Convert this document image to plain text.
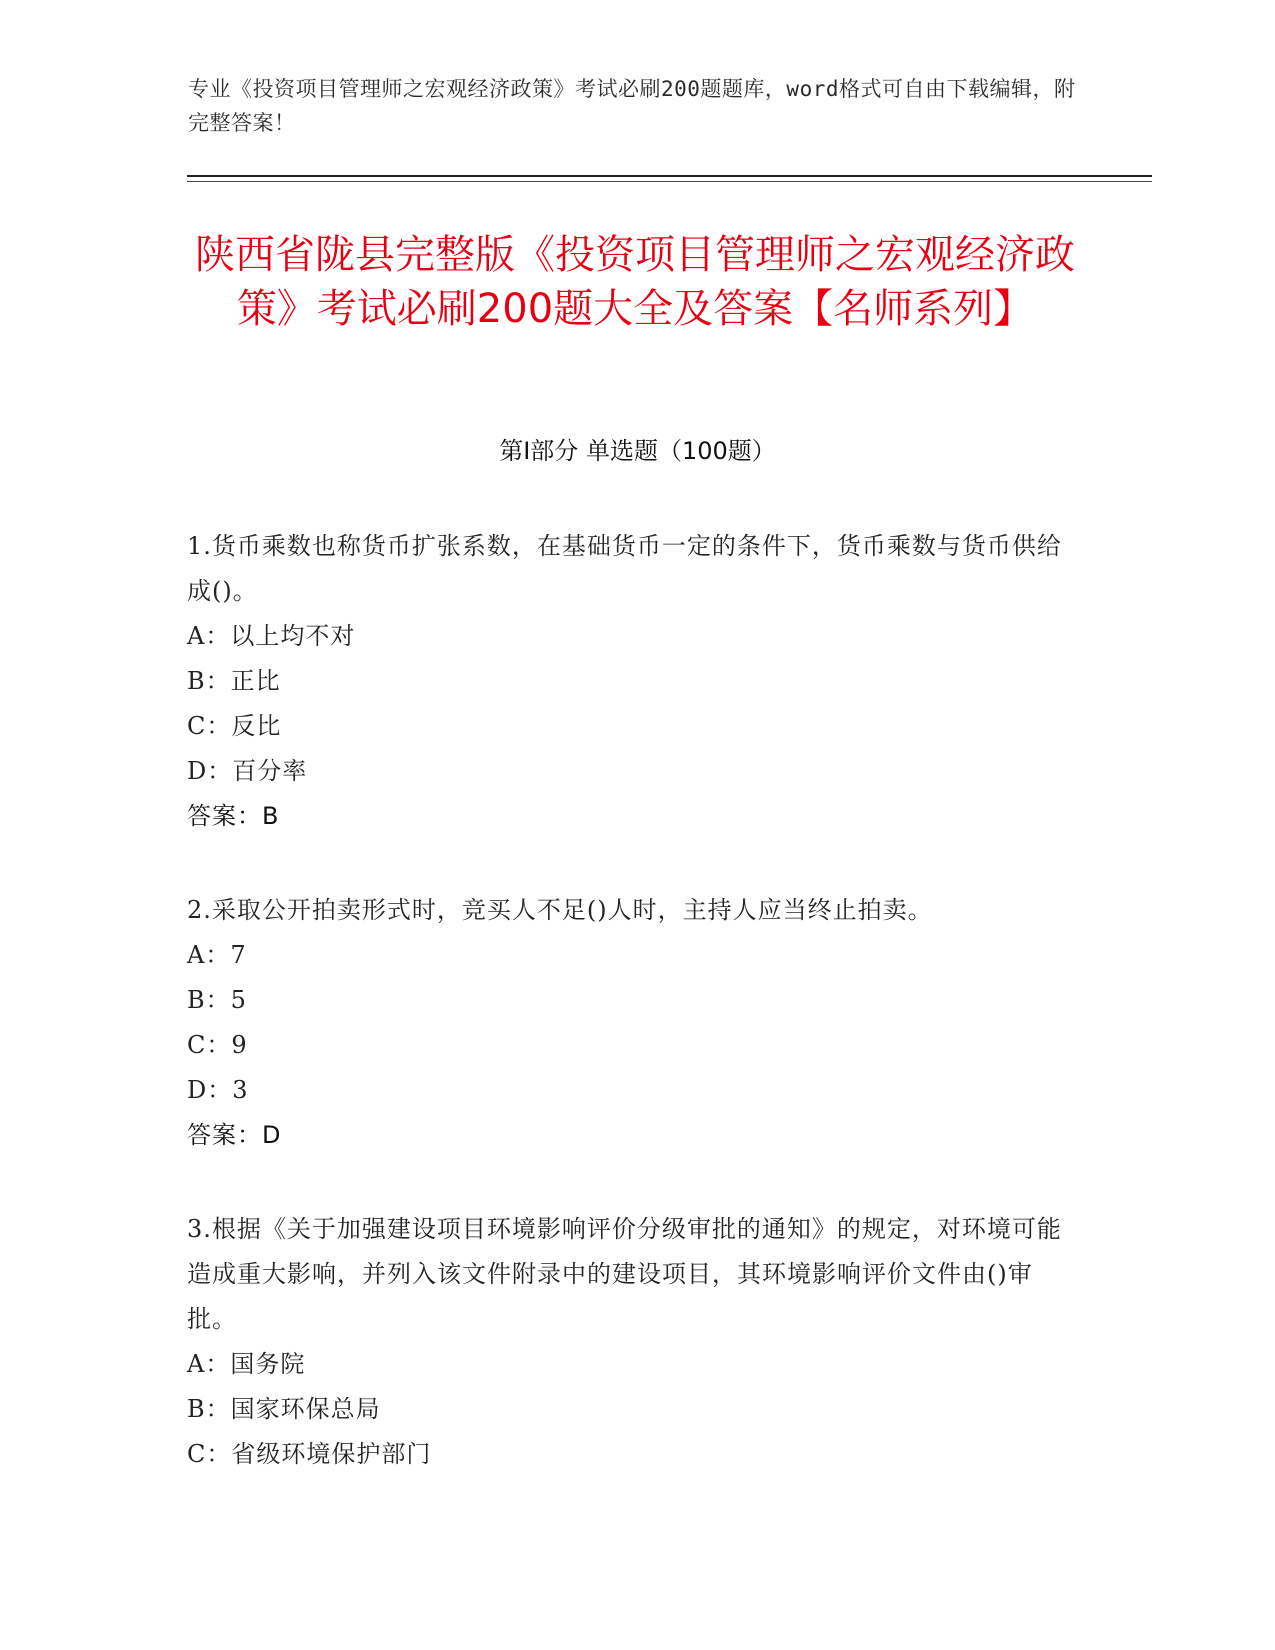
专业《投资项目管理师之宏观经济政策》考试必刷200题题库，word格式可自由下载编辑，附完整答案！
陕西省陇县完整版《投资项目管理师之宏观经济政策》考试必刷200题大全及答案【名师系列】
第I部分 单选题（100题）
1.货币乘数也称货币扩张系数，在基础货币一定的条件下，货币乘数与货币供给成()。
A：以上均不对
B：正比
C：反比
D：百分率
答案：B
2.采取公开拍卖形式时，竞买人不足()人时，主持人应当终止拍卖。
A：7
B：5
C：9
D：3
答案：D
3.根据《关于加强建设项目环境影响评价分级审批的通知》的规定，对环境可能造成重大影响，并列入该文件附录中的建设项目，其环境影响评价文件由()审批。
A：国务院
B：国家环保总局
C：省级环境保护部门
